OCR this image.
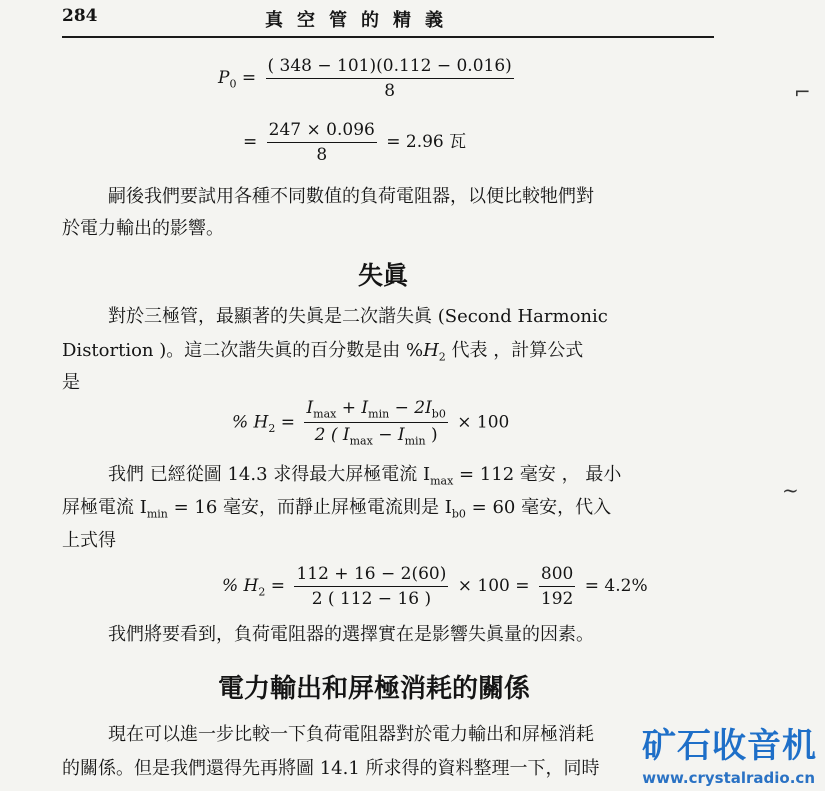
284	真空管的精義
$P_0 = \frac{( 348 - 101)(0.112 - 0.016)}{8}$
= $\frac{247 \times 0.096}{8} = 2.96$ 瓦
⌐
~
嗣後我們要試用各種不同數值的負荷電阻器，以便比較牠們對
於電力輸出的影響。
失眞
對於三極管，最顯著的失眞是二次諧失眞 (Second Harmonic
Distortion )。這二次諧失眞的百分數是由 $\%H_2$ 代表 ，計算公式
是
% $H_2 = \frac{I_{max} + I_{min} - 2I_{b0}}{2 ( I_{max} - I_{min} )} \times 100$
我們 已經從圖 14.3 求得最大屏極電流 $I_{max} = 112$ 毫安 ， 最小
屏極電流 $I_{min} = 16$ 毫安，而靜止屏極電流則是 $I_{b0} = 60$ 毫安，代入
上式得
% $H_2 = \frac{112 + 16 - 2(60)}{2 ( 112 - 16 )} \times 100 = \frac{800}{192} = 4.2\%$
我們將要看到，負荷電阻器的選擇實在是影響失眞量的因素。
電力輸出和屏極消耗的關係
現在可以進一步比較一下負荷電阻器對於電力輸出和屏極消耗
的關係。但是我們還得先再將圖 14.1 所求得的資料整理一下，同時
矿石收音机
www.crystalradio.cn
